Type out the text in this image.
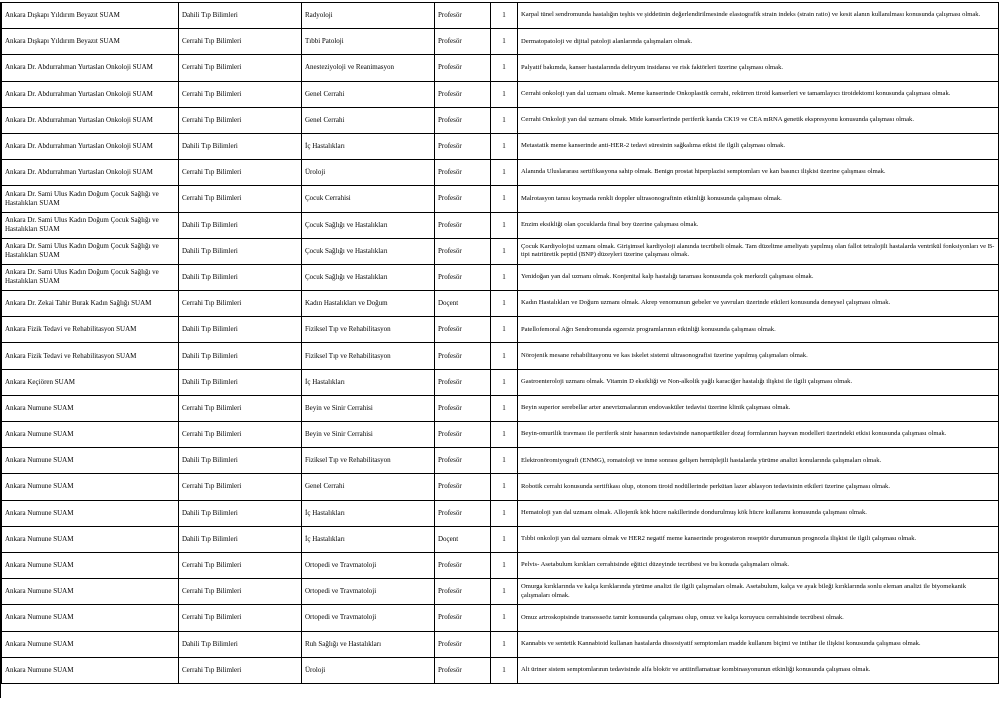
Ankara Dışkapı Yıldırım Beyazıt SUAM	Dahili Tıp Bilimleri	Radyoloji	Profesör	1	Karpal tünel sendromunda hastalığın teşhis ve şiddetinin değerlendirilmesinde elastografik strain indeks (strain ratio) ve kesit alanın kullanılması konusunda çalışması olmak.
Ankara Dışkapı Yıldırım Beyazıt SUAM	Cerrahi Tıp Bilimleri	Tıbbi Patoloji	Profesör	1	Dermatopatoloji ve dijital patoloji alanlarında çalışmaları olmak.
Ankara Dr. Abdurrahman Yurtaslan Onkoloji SUAM	Cerrahi Tıp Bilimleri	Anesteziyoloji ve Reanimasyon	Profesör	1	Palyatif bakımda, kanser hastalarında deliryum insidansı ve risk faktörleri üzerine çalışması olmak.
Ankara Dr. Abdurrahman Yurtaslan Onkoloji SUAM	Cerrahi Tıp Bilimleri	Genel Cerrahi	Profesör	1	Cerrahi onkoloji yan dal uzmanı olmak. Meme kanserinde Onkoplastik cerrahi, rekürren tiroid kanserleri ve tamamlayıcı tiroidektomi konusunda çalışması olmak.
Ankara Dr. Abdurrahman Yurtaslan Onkoloji SUAM	Cerrahi Tıp Bilimleri	Genel Cerrahi	Profesör	1	Cerrahi Onkoloji yan dal uzmanı olmak. Mide kanserlerinde periferik kanda CK19 ve CEA mRNA genetik ekspresyonu konusunda çalışması olmak.
Ankara Dr. Abdurrahman Yurtaslan Onkoloji SUAM	Dahili Tıp Bilimleri	İç Hastalıkları	Profesör	1	Metastatik meme kanserinde anti-HER-2 tedavi süresinin sağkalıma etkisi ile ilgili çalışması olmak.
Ankara Dr. Abdurrahman Yurtaslan Onkoloji SUAM	Cerrahi Tıp Bilimleri	Üroloji	Profesör	1	Alanında Uluslararası sertifikasyona sahip olmak. Benign prostat hiperplazisi semptomları ve kan basıncı ilişkisi üzerine çalışması olmak.
Ankara Dr. Sami Ulus Kadın Doğum Çocuk Sağlığı ve Hastalıkları SUAM	Cerrahi Tıp Bilimleri	Çocuk Cerrahisi	Profesör	1	Malrotasyon tanısı koymada renkli doppler ultrasonografinin etkinliği konusunda çalışması olmak.
Ankara Dr. Sami Ulus Kadın Doğum Çocuk Sağlığı ve Hastalıkları SUAM	Dahili Tıp Bilimleri	Çocuk Sağlığı ve Hastalıkları	Profesör	1	Enzim eksikliği olan çocuklarda final boy üzerine çalışması olmak.
Ankara Dr. Sami Ulus Kadın Doğum Çocuk Sağlığı ve Hastalıkları SUAM	Dahili Tıp Bilimleri	Çocuk Sağlığı ve Hastalıkları	Profesör	1	Çocuk Kardiyolojisi uzmanı olmak. Girişimsel kardiyoloji alanında tecrübeli olmak. Tam düzeltme ameliyatı yapılmış olan fallot tetralojili hastalarda ventrikül fonksiyonları ve B-tipi natriüretik peptid (BNP) düzeyleri üzerine çalışması olmak.
Ankara Dr. Sami Ulus Kadın Doğum Çocuk Sağlığı ve Hastalıkları SUAM	Dahili Tıp Bilimleri	Çocuk Sağlığı ve Hastalıkları	Profesör	1	Yenidoğan yan dal uzmanı olmak. Konjenital kalp hastalığı taraması konusunda çok merkezli çalışması olmak.
Ankara Dr. Zekai Tahir Burak Kadın Sağlığı SUAM	Cerrahi Tıp Bilimleri	Kadın Hastalıkları ve Doğum	Doçent	1	Kadın Hastalıkları ve Doğum uzmanı olmak. Akrep venomunun gebeler ve yavruları üzerinde etkileri konusunda deneysel çalışması olmak.
Ankara Fizik Tedavi ve Rehabilitasyon SUAM	Dahili Tıp Bilimleri	Fiziksel Tıp ve Rehabilitasyon	Profesör	1	Patellofemoral Ağrı Sendromunda egzersiz programlarının etkinliği konusunda çalışması olmak.
Ankara Fizik Tedavi ve Rehabilitasyon SUAM	Dahili Tıp Bilimleri	Fiziksel Tıp ve Rehabilitasyon	Profesör	1	Nörojenik mesane rehabilitasyonu ve kas iskelet sistemi ultrasonografisi üzerine yapılmış çalışmaları olmak.
Ankara Keçiören SUAM	Dahili Tıp Bilimleri	İç Hastalıkları	Profesör	1	Gastroenteroloji uzmanı olmak. Vitamin D eksikliği ve Non-alkolik yağlı karaciğer hastalığı ilişkisi ile ilgili çalışması olmak.
Ankara Numune SUAM	Cerrahi Tıp Bilimleri	Beyin ve Sinir Cerrahisi	Profesör	1	Beyin superior serebellar arter anevrizmalarının endovasküler tedavisi üzerine klinik çalışması olmak.
Ankara Numune SUAM	Cerrahi Tıp Bilimleri	Beyin ve Sinir Cerrahisi	Profesör	1	Beyin-omurilik travması ile periferik sinir hasarının tedavisinde nanopartiküler dozaj formlarının hayvan modelleri üzerindeki etkisi konusunda çalışması olmak.
Ankara Numune SUAM	Dahili Tıp Bilimleri	Fiziksel Tıp ve Rehabilitasyon	Profesör	1	Elektronöromiyografi (ENMG), romatoloji ve inme sonrası gelişen hemiplejili hastalarda yürüme analizi konularında çalışmaları olmak.
Ankara Numune SUAM	Cerrahi Tıp Bilimleri	Genel Cerrahi	Profesör	1	Robotik cerrahi konusunda sertifikası olup, otonom tiroid nodüllerinde perkütan lazer ablasyon tedavisinin etkileri üzerine çalışması olmak.
Ankara Numune SUAM	Dahili Tıp Bilimleri	İç Hastalıkları	Profesör	1	Hematoloji yan dal uzmanı olmak. Allojenik kök hücre nakillerinde dondurulmuş kök hücre kullanımı konusunda çalışması olmak.
Ankara Numune SUAM	Dahili Tıp Bilimleri	İç Hastalıkları	Doçent	1	Tıbbi onkoloji yan dal uzmanı olmak ve HER2 negatif meme kanserinde progesteron reseptör durumunun prognozla ilişkisi ile ilgili çalışması olmak.
Ankara Numune SUAM	Cerrahi Tıp Bilimleri	Ortopedi ve Travmatoloji	Profesör	1	Pelvis- Asetabulum kırıkları cerrahisinde eğitici düzeyinde tecrübesi ve bu konuda çalışmaları olmak.
Ankara Numune SUAM	Cerrahi Tıp Bilimleri	Ortopedi ve Travmatoloji	Profesör	1	Omurga kırıklarında ve kalça kırıklarında yürüme analizi ile ilgili çalışmaları olmak. Asetabulum, kalça ve ayak bileği kırıklarında sonlu eleman analizi ile biyomekanik çalışmaları olmak.
Ankara Numune SUAM	Cerrahi Tıp Bilimleri	Ortopedi ve Travmatoloji	Profesör	1	Omuz artroskopisinde transosseöz tamir konusunda çalışması olup, omuz ve kalça koruyucu cerrahisinde tecrübesi olmak.
Ankara Numune SUAM	Dahili Tıp Bilimleri	Ruh Sağlığı ve Hastalıkları	Profesör	1	Kannabis ve sentetik Kannabioid kullanan hastalarda dissosiyatif semptomları madde kullanım biçimi ve intihar ile ilişkisi konusunda çalışması olmak.
Ankara Numune SUAM	Cerrahi Tıp Bilimleri	Üroloji	Profesör	1	Alt üriner sistem semptomlarının tedavisinde alfa blokör ve antiinflamatuar kombinasyonunun etkinliği konusunda çalışması olmak.
